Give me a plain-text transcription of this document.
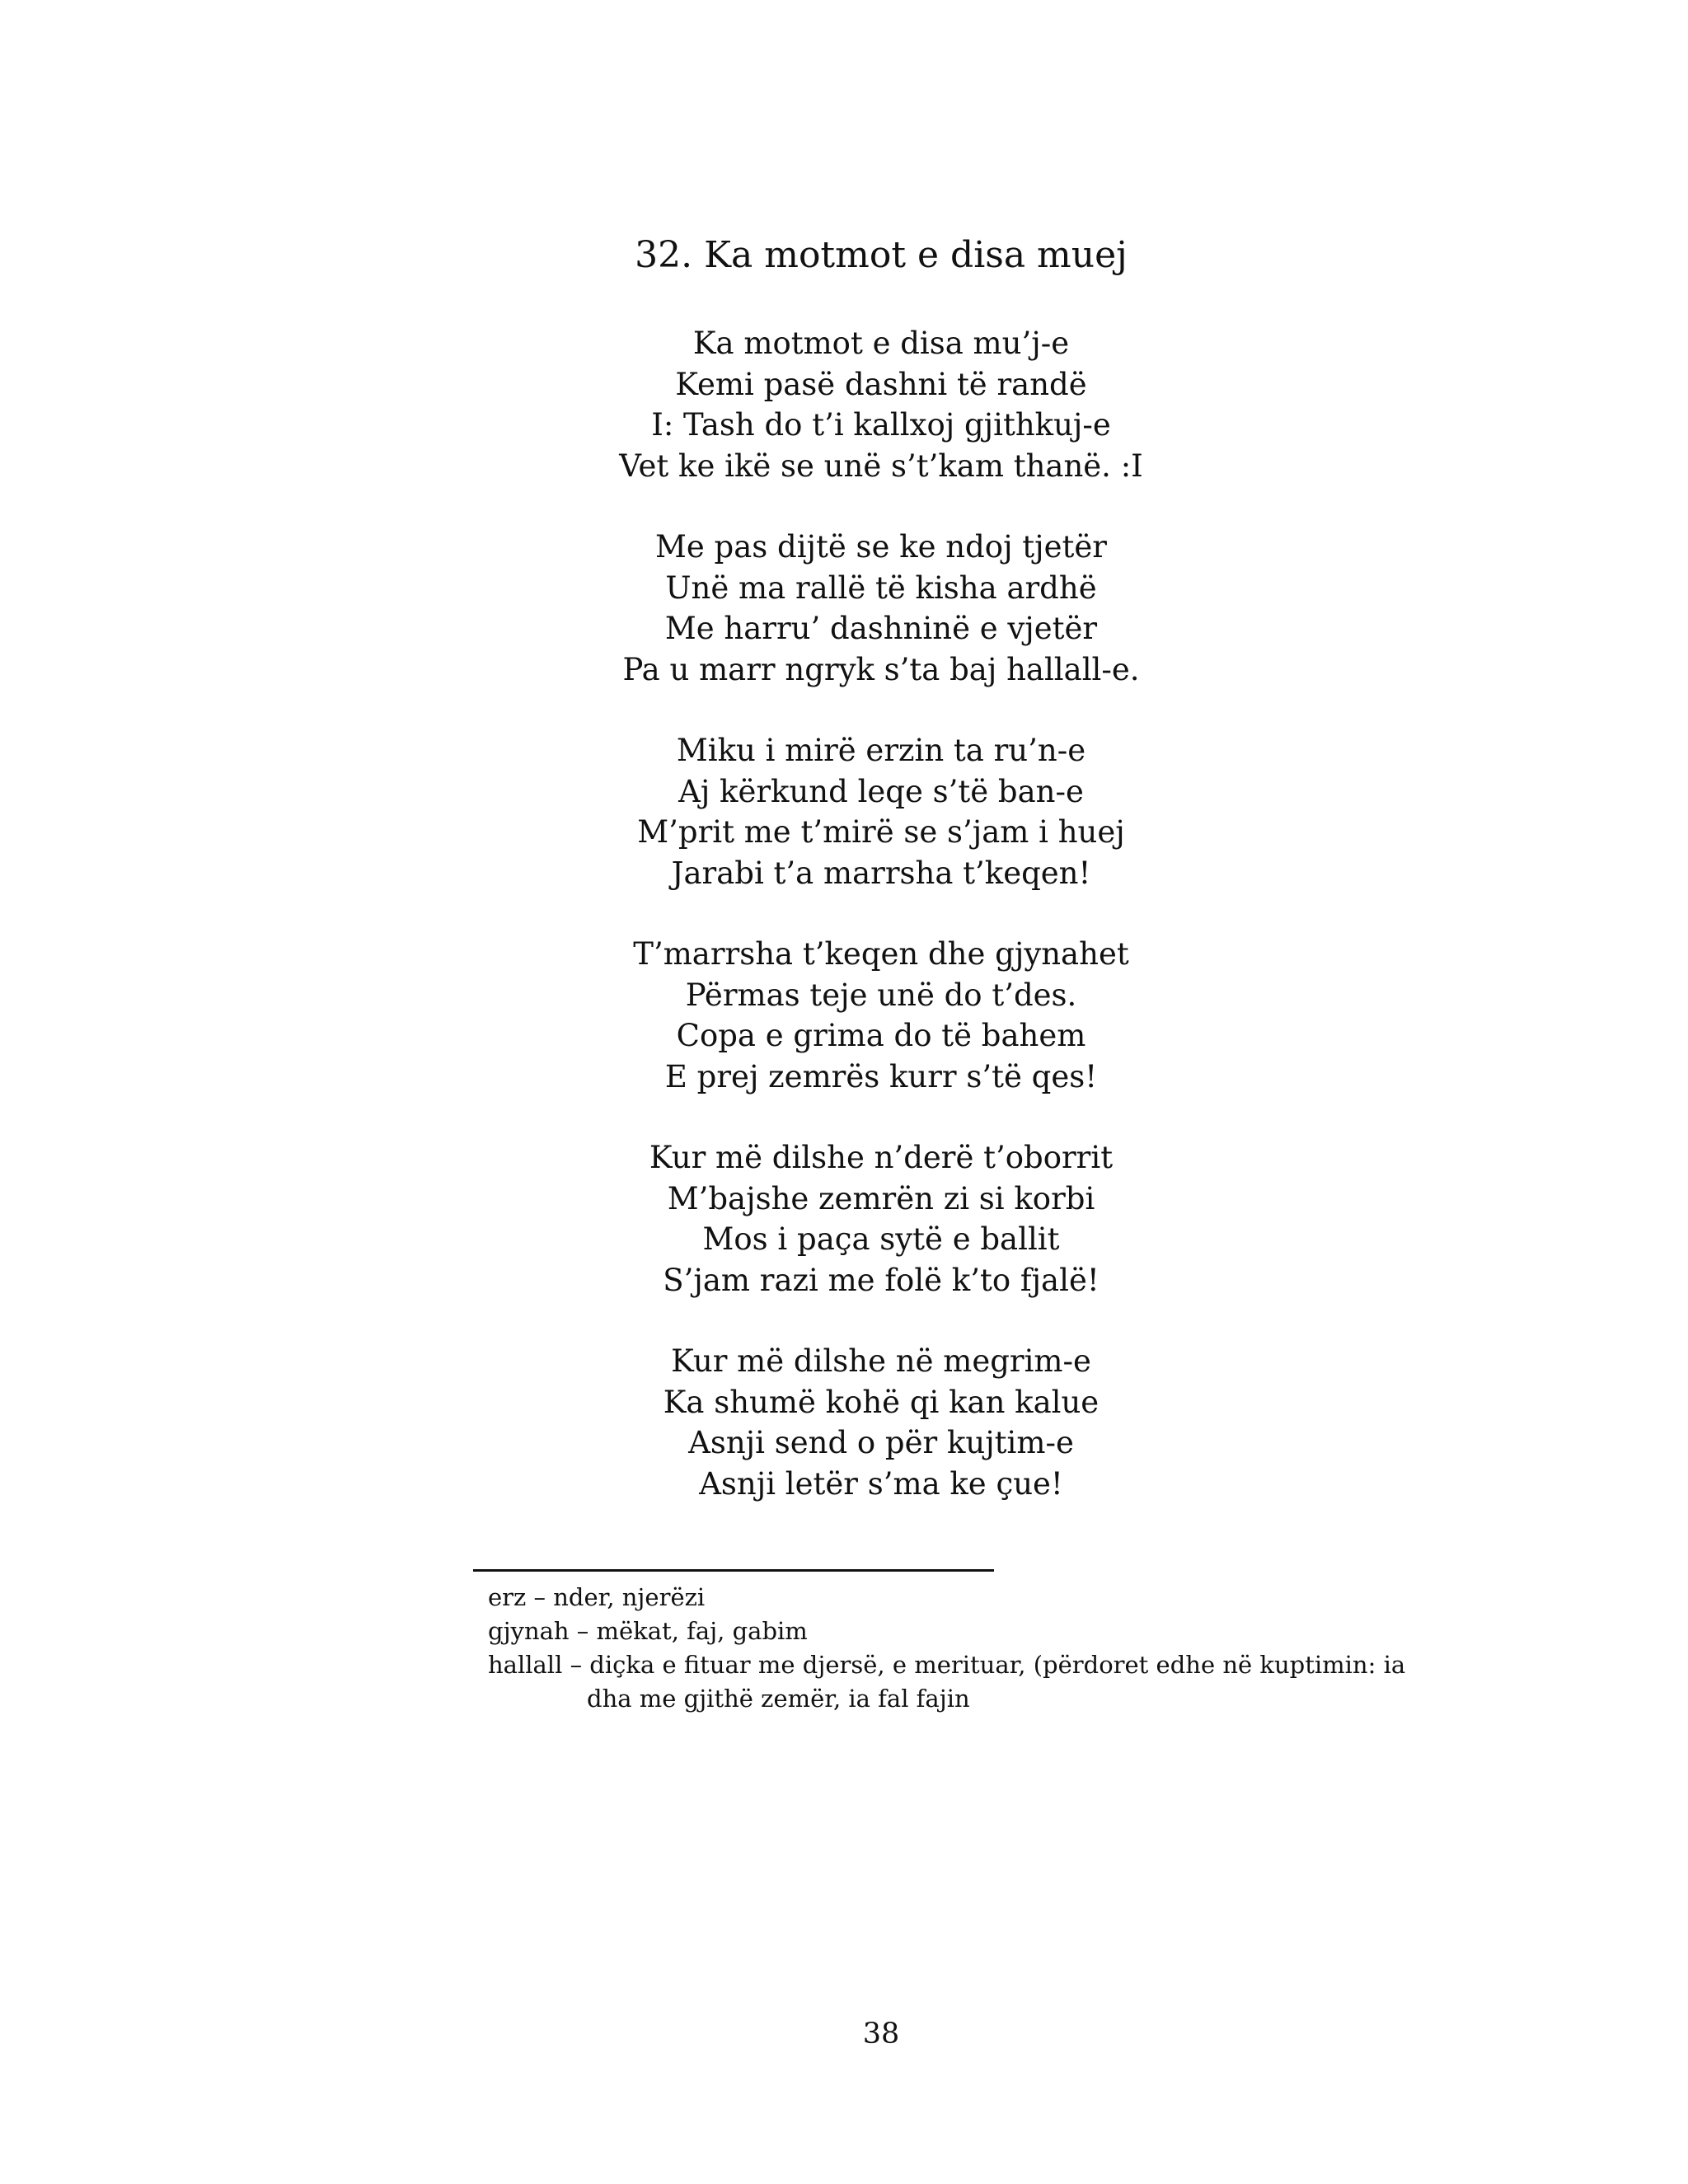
32. Ka motmot e disa muej
Ka motmot e disa mu’j-e
Kemi pasë dashni të randë
I: Tash do t’i kallxoj gjithkuj-e
Vet ke ikë se unë s’t’kam thanë. :I
Me pas dijtë se ke ndoj tjetër
Unë ma rallë të kisha ardhë
Me harru’ dashninë e vjetër
Pa u marr ngryk s’ta baj hallall-e.
Miku i mirë erzin ta ru’n-e
Aj kërkund leqe s’të ban-e
M’prit me t’mirë se s’jam i huej
Jarabi t’a marrsha t’keqen!
T’marrsha t’keqen dhe gjynahet
Përmas teje unë do t’des.
Copa e grima do të bahem
E prej zemrës kurr s’të qes!
Kur më dilshe n’derë t’oborrit
M’bajshe zemrën zi si korbi
Mos i paça sytë e ballit
S’jam razi me folë k’to fjalë!
Kur më dilshe në megrim-e
Ka shumë kohë qi kan kalue
Asnji send o për kujtim-e
Asnji letër s’ma ke çue!
erz – nder, njerëzi
gjynah – mëkat, faj, gabim
hallall – diçka e fituar me djersë, e merituar, (përdoret edhe në kuptimin: ia
dha me gjithë zemër, ia fal fajin
38
